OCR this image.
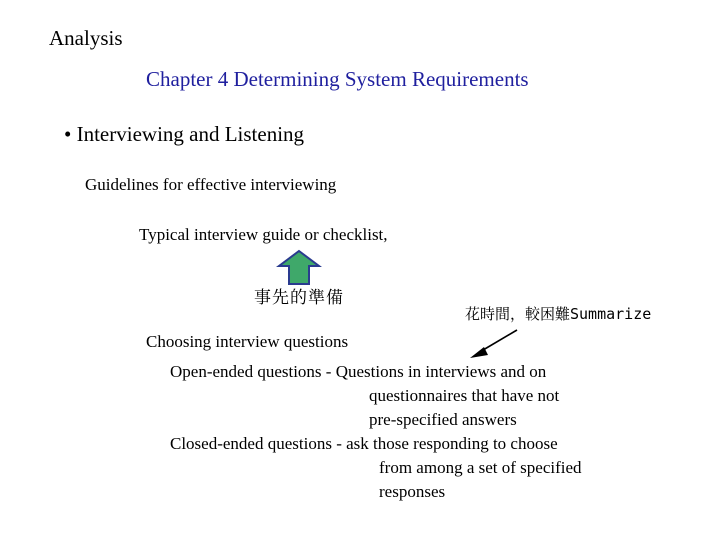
Analysis
Chapter 4 Determining System Requirements
• Interviewing and Listening
Guidelines for effective interviewing
Typical interview guide or checklist,
事先的準備
花時間，較困難Summarize
Choosing interview questions
Open-ended questions - Questions in interviews and on
questionnaires that have not
pre-specified answers
Closed-ended questions - ask those responding to choose
from among a set of specified
responses
